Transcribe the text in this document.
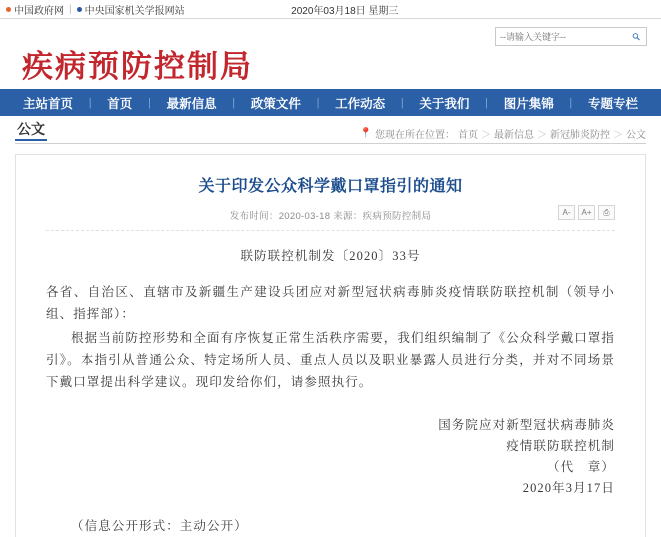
中国政府网 | 中央国家机关学报网站	2020年03月18日 星期三
疾病预防控制局
--请输入关键字--
主站首页 | 首页 | 最新信息 | 政策文件 | 工作动态 | 关于我们 | 图片集锦 | 专题专栏
公文	📍 您现在所在位置： 首页 ＞ 最新信息 ＞ 新冠肺炎防控 ＞ 公文
关于印发公众科学戴口罩指引的通知
发布时间：2020-03-18 来源：疾病预防控制局	A-	A+	⎙
联防联控机制发〔2020〕33号

各省、自治区、直辖市及新疆生产建设兵团应对新型冠状病毒肺炎疫情联防联控机制（领导小组、指挥部）：

根据当前防控形势和全面有序恢复正常生活秩序需要，我们组织编制了《公众科学戴口罩指引》。本指引从普通公众、特定场所人员、重点人员以及职业暴露人员进行分类，并对不同场景下戴口罩提出科学建议。现印发给你们，请参照执行。

国务院应对新型冠状病毒肺炎
疫情联防联控机制
（代　章）
2020年3月17日
（信息公开形式：主动公开）
